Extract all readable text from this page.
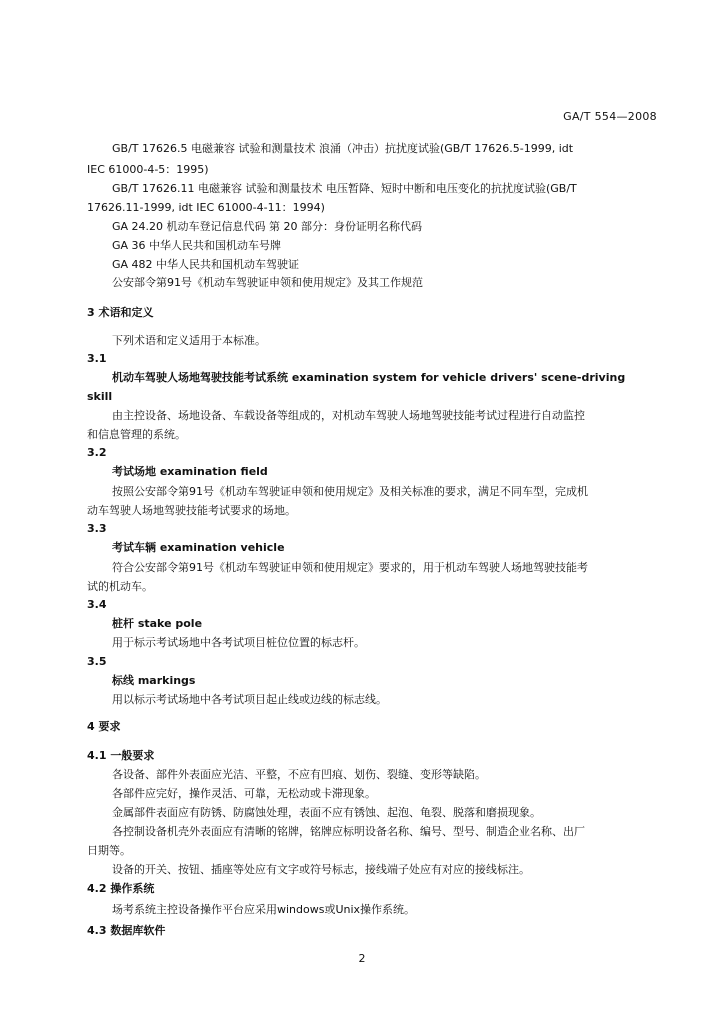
GA/T 554—2008
GB/T 17626.5 电磁兼容 试验和测量技术 浪涌（冲击）抗扰度试验(GB/T 17626.5-1999, idt
IEC 61000-4-5：1995)
GB/T 17626.11 电磁兼容 试验和测量技术 电压暂降、短时中断和电压变化的抗扰度试验(GB/T
17626.11-1999, idt IEC 61000-4-11：1994)
GA 24.20 机动车登记信息代码 第 20 部分：身份证明名称代码
GA 36 中华人民共和国机动车号牌
GA 482 中华人民共和国机动车驾驶证
公安部令第91号《机动车驾驶证申领和使用规定》及其工作规范
3 术语和定义
下列术语和定义适用于本标准。
3.1
机动车驾驶人场地驾驶技能考试系统 examination system for vehicle drivers' scene-driving
skill
由主控设备、场地设备、车载设备等组成的，对机动车驾驶人场地驾驶技能考试过程进行自动监控
和信息管理的系统。
3.2
考试场地 examination field
按照公安部令第91号《机动车驾驶证申领和使用规定》及相关标准的要求，满足不同车型，完成机
动车驾驶人场地驾驶技能考试要求的场地。
3.3
考试车辆 examination vehicle
符合公安部令第91号《机动车驾驶证申领和使用规定》要求的，用于机动车驾驶人场地驾驶技能考
试的机动车。
3.4
桩杆 stake pole
用于标示考试场地中各考试项目桩位位置的标志杆。
3.5
标线 markings
用以标示考试场地中各考试项目起止线或边线的标志线。
4 要求
4.1 一般要求
各设备、部件外表面应光洁、平整，不应有凹痕、划伤、裂缝、变形等缺陷。
各部件应完好，操作灵活、可靠，无松动或卡滞现象。
金属部件表面应有防锈、防腐蚀处理，表面不应有锈蚀、起泡、龟裂、脱落和磨损现象。
各控制设备机壳外表面应有清晰的铭牌，铭牌应标明设备名称、编号、型号、制造企业名称、出厂
日期等。
设备的开关、按钮、插座等处应有文字或符号标志，接线端子处应有对应的接线标注。
4.2 操作系统
场考系统主控设备操作平台应采用windows或Unix操作系统。
4.3 数据库软件
2
